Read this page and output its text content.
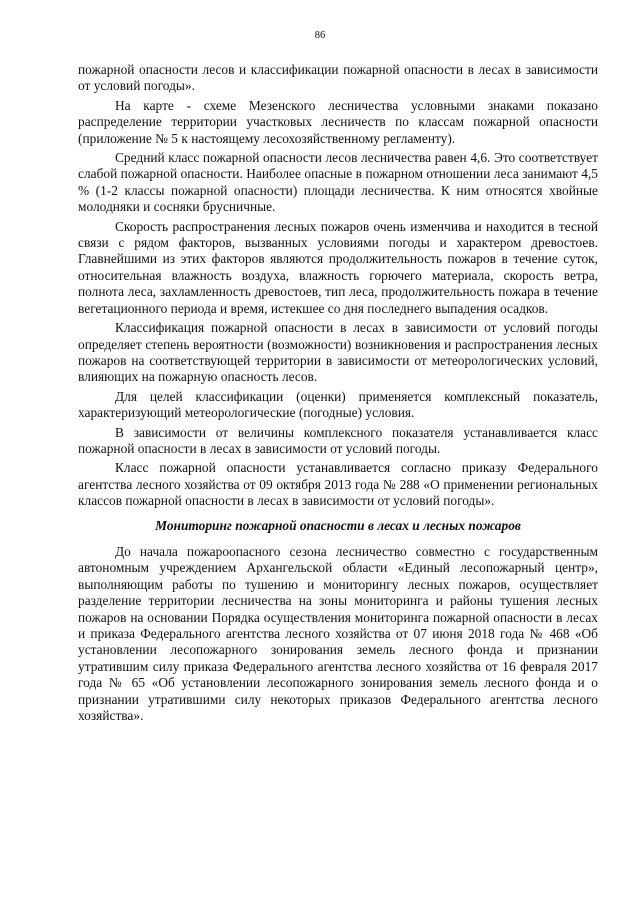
86

пожарной опасности лесов и классификации пожарной опасности в лесах в зависимости от условий погоды».

На карте - схеме Мезенского лесничества условными знаками показано распределение территории участковых лесничеств по классам пожарной опасности (приложение № 5 к настоящему лесохозяйственному регламенту).

Средний класс пожарной опасности лесов лесничества равен 4,6. Это соответствует слабой пожарной опасности. Наиболее опасные в пожарном отношении леса занимают 4,5 % (1-2 классы пожарной опасности) площади лесничества. К ним относятся хвойные молодняки и сосняки брусничные.

Скорость распространения лесных пожаров очень изменчива и находится в тесной связи с рядом факторов, вызванных условиями погоды и характером древостоев. Главнейшими из этих факторов являются продолжительность пожаров в течение суток, относительная влажность воздуха, влажность горючего материала, скорость ветра, полнота леса, захламленность древостоев, тип леса, продолжительность пожара в течение вегетационного периода и время, истекшее со дня последнего выпадения осадков.

Классификация пожарной опасности в лесах в зависимости от условий погоды определяет степень вероятности (возможности) возникновения и распространения лесных пожаров на соответствующей территории в зависимости от метеорологических условий, влияющих на пожарную опасность лесов.

Для целей классификации (оценки) применяется комплексный показатель, характеризующий метеорологические (погодные) условия.

В зависимости от величины комплексного показателя устанавливается класс пожарной опасности в лесах в зависимости от условий погоды.

Класс пожарной опасности устанавливается согласно приказу Федерального агентства лесного хозяйства от 09 октября 2013 года № 288 «О применении региональных классов пожарной опасности в лесах в зависимости от условий погоды».

Мониторинг пожарной опасности в лесах и лесных пожаров

До начала пожароопасного сезона лесничество совместно с государственным автономным учреждением Архангельской области «Единый лесопожарный центр», выполняющим работы по тушению и мониторингу лесных пожаров, осуществляет разделение территории лесничества на зоны мониторинга и районы тушения лесных пожаров на основании Порядка осуществления мониторинга пожарной опасности в лесах и приказа Федерального агентства лесного хозяйства от 07 июня 2018 года № 468 «Об установлении лесопожарного зонирования земель лесного фонда и признании утратившим силу приказа Федерального агентства лесного хозяйства от 16 февраля 2017 года № 65 «Об установлении лесопожарного зонирования земель лесного фонда и о признании утратившими силу некоторых приказов Федерального агентства лесного хозяйства».
